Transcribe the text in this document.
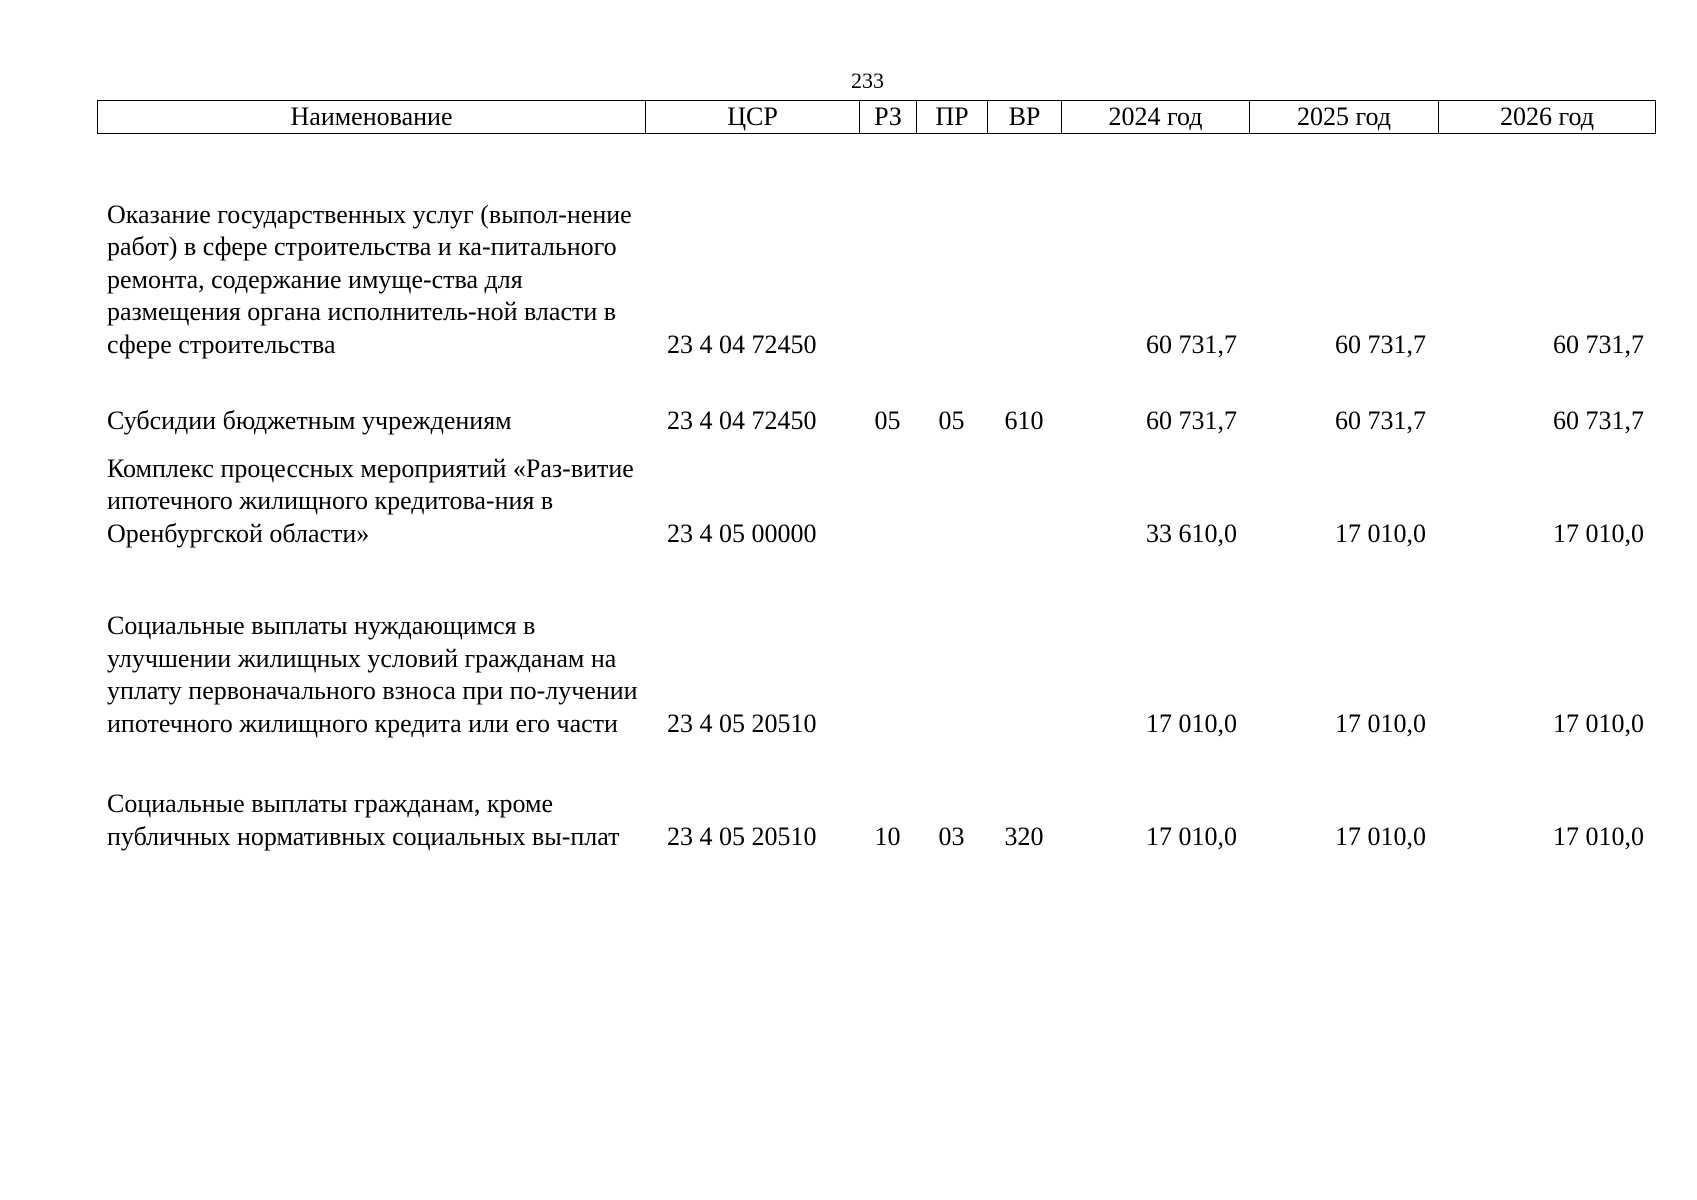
233
Наименование	ЦСР	РЗ	ПР	ВР	2024 год	2025 год	2026 год
Оказание государственных услуг (выпол-нение работ) в сфере строительства и ка-питального ремонта, содержание имуще-ства для размещения органа исполнитель-ной власти в сфере строительства	23 4 04 72450				60 731,7	60 731,7	60 731,7
Субсидии бюджетным учреждениям	23 4 04 72450	05	05	610	60 731,7	60 731,7	60 731,7
Комплекс процессных мероприятий «Раз-витие ипотечного жилищного кредитова-ния в Оренбургской области»	23 4 05 00000				33 610,0	17 010,0	17 010,0
Социальные выплаты нуждающимся в улучшении жилищных условий гражданам на уплату первоначального взноса при по-лучении ипотечного жилищного кредита или его части	23 4 05 20510				17 010,0	17 010,0	17 010,0
Социальные выплаты гражданам, кроме публичных нормативных социальных вы-плат	23 4 05 20510	10	03	320	17 010,0	17 010,0	17 010,0
